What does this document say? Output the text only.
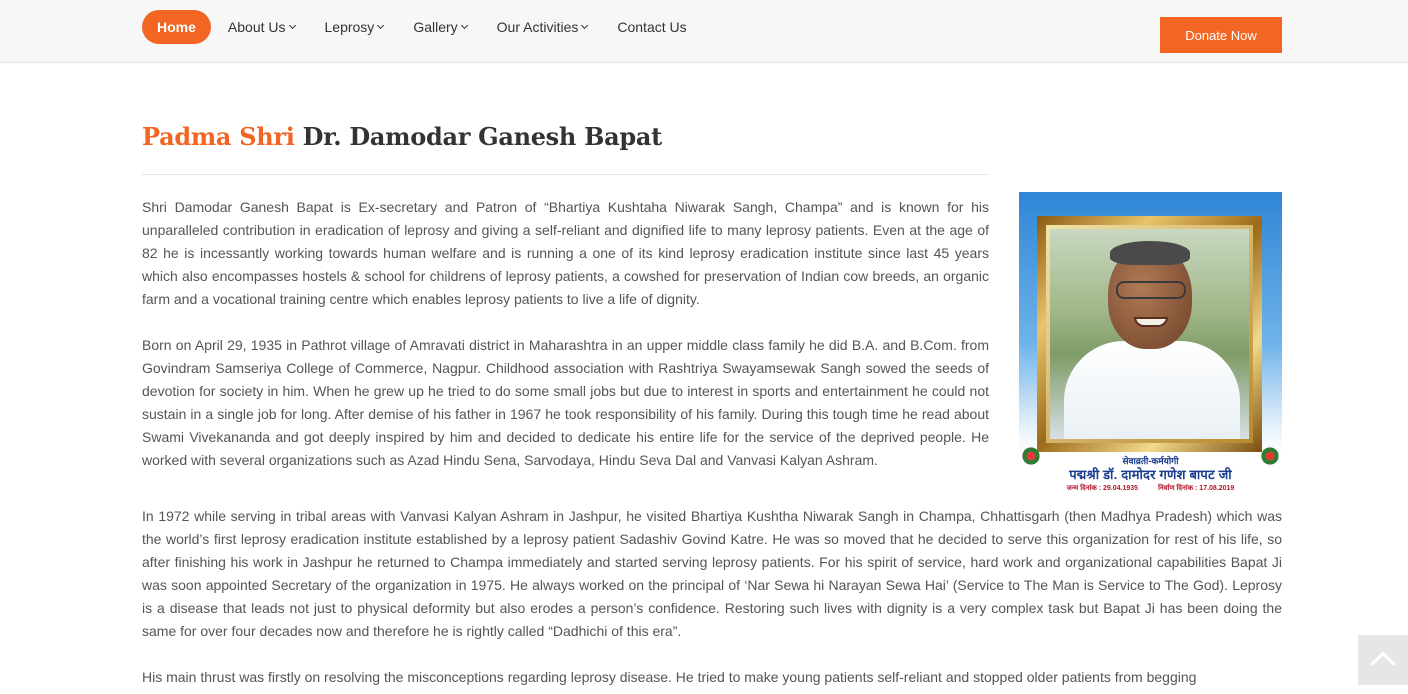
Home About Us	Leprosy	Gallery	Our Activities	Contact Us	Donate Now
Padma Shri Dr. Damodar Ganesh Bapat

Shri Damodar Ganesh Bapat is Ex-secretary and Patron of “Bhartiya Kushtaha Niwarak Sangh, Champa” and is known for his unparalleled contribution in eradication of leprosy and giving a self-reliant and dignified life to many leprosy patients. Even at the age of 82 he is incessantly working towards human welfare and is running a one of its kind leprosy eradication institute since last 45 years which also encompasses hostels & school for childrens of leprosy patients, a cowshed for preservation of Indian cow breeds, an organic farm and a vocational training centre which enables leprosy patients to live a life of dignity.

Born on April 29, 1935 in Pathrot village of Amravati district in Maharashtra in an upper middle class family he did B.A. and B.Com. from Govindram Samseriya College of Commerce, Nagpur. Childhood association with Rashtriya Swayamsewak Sangh sowed the seeds of devotion for society in him. When he grew up he tried to do some small jobs but due to interest in sports and entertainment he could not sustain in a single job for long. After demise of his father in 1967 he took responsibility of his family. During this tough time he read about Swami Vivekananda and got deeply inspired by him and decided to dedicate his entire life for the service of the deprived people. He worked with several organizations such as Azad Hindu Sena, Sarvodaya, Hindu Seva Dal and Vanvasi Kalyan Ashram.

In 1972 while serving in tribal areas with Vanvasi Kalyan Ashram in Jashpur, he visited Bhartiya Kushtha Niwarak Sangh in Champa, Chhattisgarh (then Madhya Pradesh) which was the world’s first leprosy eradication institute established by a leprosy patient Sadashiv Govind Katre. He was so moved that he decided to serve this organization for rest of his life, so after finishing his work in Jashpur he returned to Champa immediately and started serving leprosy patients. For his spirit of service, hard work and organizational capabilities Bapat Ji was soon appointed Secretary of the organization in 1975. He always worked on the principal of ‘Nar Sewa hi Narayan Sewa Hai’ (Service to The Man is Service to The God). Leprosy is a disease that leads not just to physical deformity but also erodes a person’s confidence. Restoring such lives with dignity is a very complex task but Bapat Ji has been doing the same for over four decades now and therefore he is rightly called “Dadhichi of this era”.

His main thrust was firstly on resolving the misconceptions regarding leprosy disease. He tried to make young patients self-reliant and stopped older patients from begging

सेवाव्रती-कर्मयोगी
पद्मश्री डॉ. दामोदर गणेश बापट जी
जन्म दिनांक : 29.04.1935	निर्वाण दिनांक : 17.08.2019
